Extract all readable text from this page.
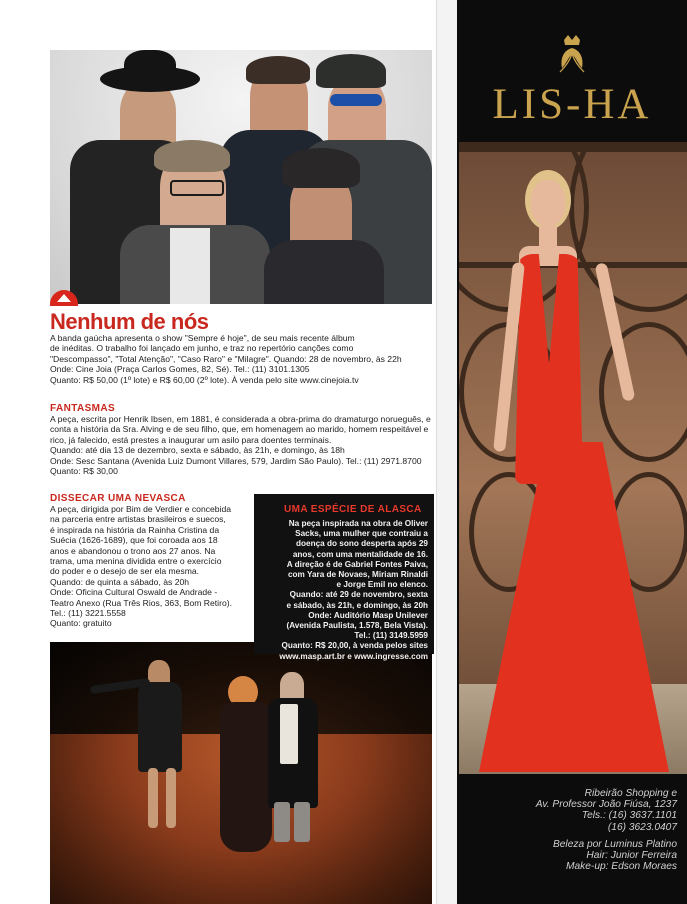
Nenhum de nós

A banda gaúcha apresenta o show "Sempre é hoje", de seu mais recente álbum

de inéditas. O trabalho foi lançado em junho, e traz no repertório canções como

"Descompasso", "Total Atenção", "Caso Raro" e "Milagre". Quando: 28 de novembro, às 22h

Onde: Cine Joia (Praça Carlos Gomes, 82, Sé). Tel.: (11) 3101.1305

Quanto: R$ 50,00 (1º lote) e R$ 60,00 (2º lote). À venda pelo site www.cinejoia.tv

FANTASMAS

A peça, escrita por Henrik Ibsen, em 1881, é considerada a obra-prima do dramaturgo norueguês, e

conta a história da Sra. Alving e de seu filho, que, em homenagem ao marido, homem respeitável e

rico, já falecido, está prestes a inaugurar um asilo para doentes terminais.

Quando: até dia 13 de dezembro, sexta e sábado, às 21h, e domingo, às 18h

Onde: Sesc Santana (Avenida Luiz Dumont Villares, 579, Jardim São Paulo). Tel.: (11) 2971.8700

Quanto: R$ 30,00

DISSECAR UMA NEVASCA

A peça, dirigida por Bim de Verdier e concebida

na parceria entre artistas brasileiros e suecos,

é inspirada na história da Rainha Cristina da

Suécia (1626-1689), que foi coroada aos 18

anos e abandonou o trono aos 27 anos. Na

trama, uma menina dividida entre o exercício

do poder e o desejo de ser ela mesma.

Quando: de quinta a sábado, às 20h

Onde: Oficina Cultural Oswald de Andrade -

Teatro Anexo (Rua Três Rios, 363, Bom Retiro).

Tel.: (11) 3221.5558

Quanto: gratuito

UMA ESPÉCIE DE ALASCA

Na peça inspirada na obra de Oliver

Sacks, uma mulher que contraiu a

doença do sono desperta após 29

anos, com uma mentalidade de 16.

A direção é de Gabriel Fontes Paiva,

com Yara de Novaes, Miriam Rinaldi

e Jorge Emil no elenco.

Quando: até 29 de novembro, sexta

e sábado, às 21h, e domingo, às 20h

Onde: Auditório Masp Unilever

(Avenida Paulista, 1.578, Bela Vista).

Tel.: (11) 3149.5959

Quanto: R$ 20,00, à venda pelos sites

www.masp.art.br e www.ingresse.com

LIS-HA
Ribeirão Shopping e
Av. Professor João Fiúsa, 1237
Tels.: (16) 3637.1101
(16) 3623.0407
Beleza por Luminus Platino
Hair: Junior Ferreira
Make-up: Edson Moraes
